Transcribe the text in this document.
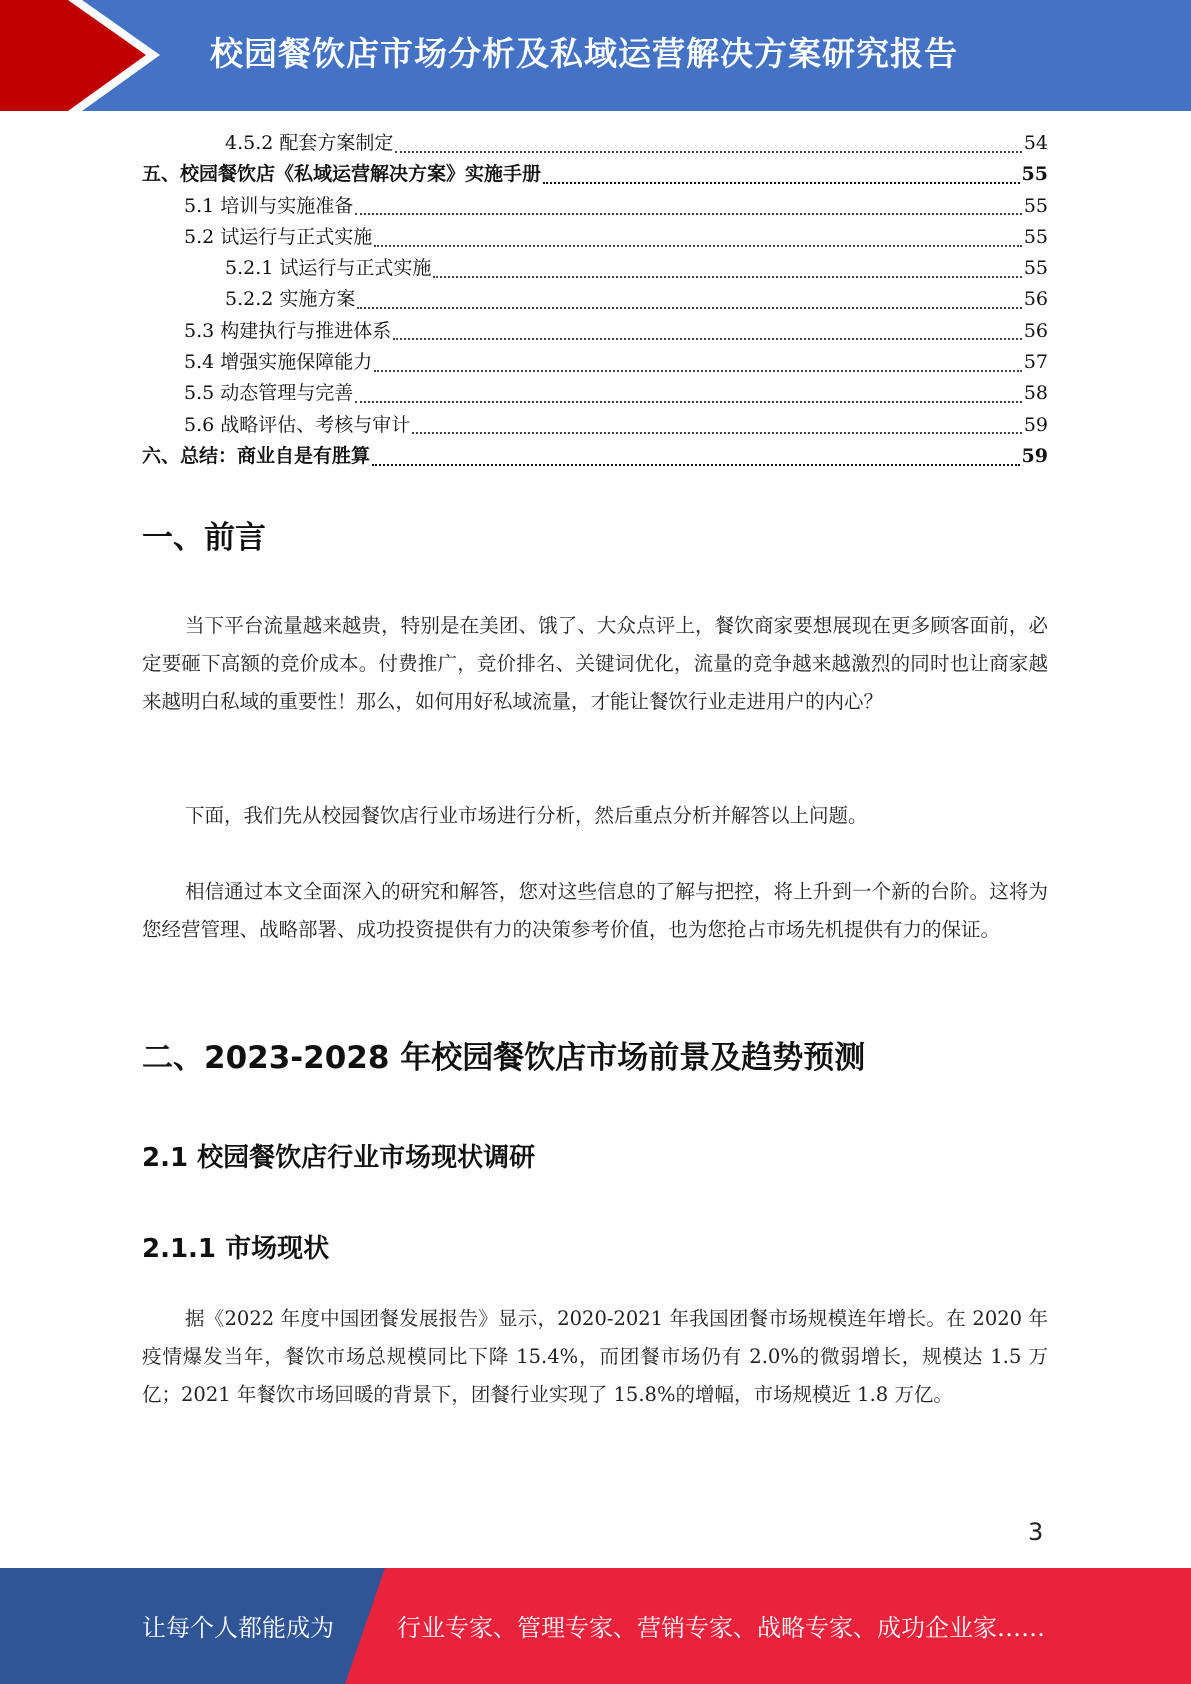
校园餐饮店市场分析及私域运营解决方案研究报告
4.5.2 配套方案制定	54
五、校园餐饮店《私域运营解决方案》实施手册	55
5.1 培训与实施准备	55
5.2 试运行与正式实施	55
5.2.1 试运行与正式实施	55
5.2.2 实施方案	56
5.3 构建执行与推进体系	56
5.4 增强实施保障能力	57
5.5 动态管理与完善	58
5.6 战略评估、考核与审计	59
六、总结：商业自是有胜算	59
一、前言
当下平台流量越来越贵，特别是在美团、饿了、大众点评上，餐饮商家要想展现在更多顾客面前，必定要砸下高额的竞价成本。付费推广，竞价排名、关键词优化，流量的竞争越来越激烈的同时也让商家越来越明白私域的重要性！那么，如何用好私域流量，才能让餐饮行业走进用户的内心？
下面，我们先从校园餐饮店行业市场进行分析，然后重点分析并解答以上问题。
相信通过本文全面深入的研究和解答，您对这些信息的了解与把控，将上升到一个新的台阶。这将为您经营管理、战略部署、成功投资提供有力的决策参考价值，也为您抢占市场先机提供有力的保证。
二、2023-2028 年校园餐饮店市场前景及趋势预测
2.1 校园餐饮店行业市场现状调研
2.1.1 市场现状
据《2022 年度中国团餐发展报告》显示，2020-2021 年我国团餐市场规模连年增长。在 2020 年疫情爆发当年，餐饮市场总规模同比下降 15.4%，而团餐市场仍有 2.0%的微弱增长，规模达 1.5 万亿；2021 年餐饮市场回暖的背景下，团餐行业实现了 15.8%的增幅，市场规模近 1.8 万亿。
3
让每个人都能成为	行业专家、管理专家、营销专家、战略专家、成功企业家……
